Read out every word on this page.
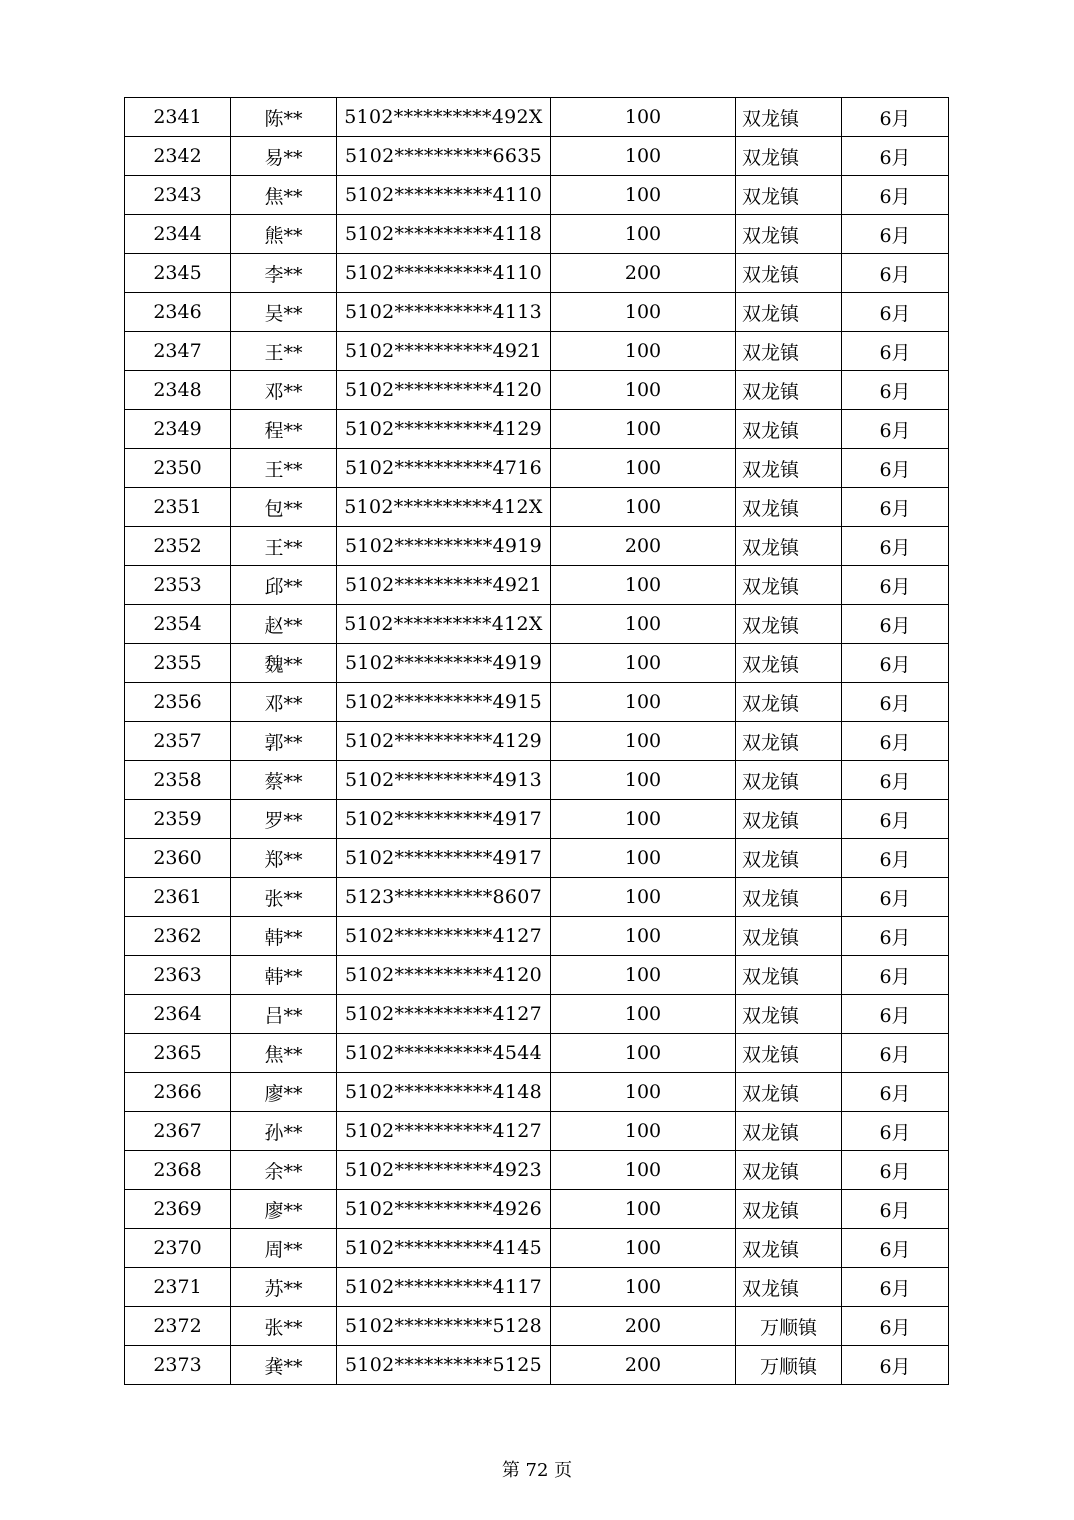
2341	陈**	5102**********492X	100	双龙镇	6月
2342	易**	5102**********6635	100	双龙镇	6月
2343	焦**	5102**********4110	100	双龙镇	6月
2344	熊**	5102**********4118	100	双龙镇	6月
2345	李**	5102**********4110	200	双龙镇	6月
2346	吴**	5102**********4113	100	双龙镇	6月
2347	王**	5102**********4921	100	双龙镇	6月
2348	邓**	5102**********4120	100	双龙镇	6月
2349	程**	5102**********4129	100	双龙镇	6月
2350	王**	5102**********4716	100	双龙镇	6月
2351	包**	5102**********412X	100	双龙镇	6月
2352	王**	5102**********4919	200	双龙镇	6月
2353	邱**	5102**********4921	100	双龙镇	6月
2354	赵**	5102**********412X	100	双龙镇	6月
2355	魏**	5102**********4919	100	双龙镇	6月
2356	邓**	5102**********4915	100	双龙镇	6月
2357	郭**	5102**********4129	100	双龙镇	6月
2358	蔡**	5102**********4913	100	双龙镇	6月
2359	罗**	5102**********4917	100	双龙镇	6月
2360	郑**	5102**********4917	100	双龙镇	6月
2361	张**	5123**********8607	100	双龙镇	6月
2362	韩**	5102**********4127	100	双龙镇	6月
2363	韩**	5102**********4120	100	双龙镇	6月
2364	吕**	5102**********4127	100	双龙镇	6月
2365	焦**	5102**********4544	100	双龙镇	6月
2366	廖**	5102**********4148	100	双龙镇	6月
2367	孙**	5102**********4127	100	双龙镇	6月
2368	余**	5102**********4923	100	双龙镇	6月
2369	廖**	5102**********4926	100	双龙镇	6月
2370	周**	5102**********4145	100	双龙镇	6月
2371	苏**	5102**********4117	100	双龙镇	6月
2372	张**	5102**********5128	200	万顺镇	6月
2373	龚**	5102**********5125	200	万顺镇	6月
第 72 页
